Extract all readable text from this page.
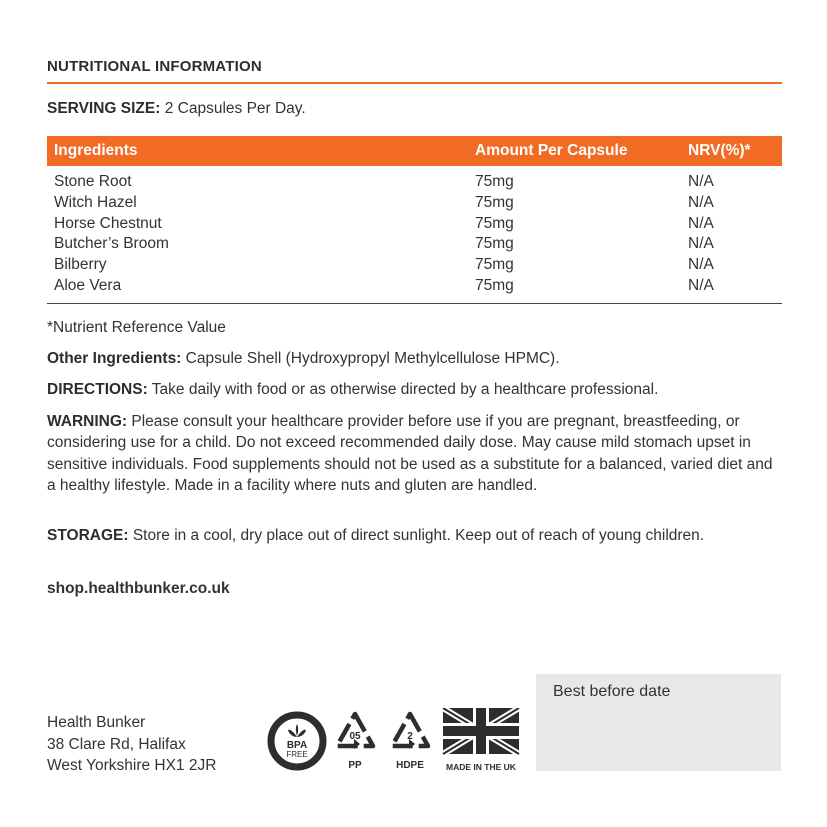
NUTRITIONAL INFORMATION
SERVING SIZE: 2 Capsules Per Day.
Ingredients	Amount Per Capsule	NRV(%)*
Stone Root	75mg	N/A
Witch Hazel	75mg	N/A
Horse Chestnut	75mg	N/A
Butcher’s Broom	75mg	N/A
Bilberry	75mg	N/A
Aloe Vera	75mg	N/A
*Nutrient Reference Value
Other Ingredients: Capsule Shell (Hydroxypropyl Methylcellulose HPMC).
DIRECTIONS: Take daily with food or as otherwise directed by a healthcare professional.
WARNING: Please consult your healthcare provider before use if you are pregnant, breastfeeding, or considering use for a child. Do not exceed recommended daily dose. May cause mild stomach upset in sensitive individuals. Food supplements should not be used as a substitute for a balanced, varied diet and a healthy lifestyle. Made in a facility where nuts and gluten are handled.
STORAGE: Store in a cool, dry place out of direct sunlight. Keep out of reach of young children.
shop.healthbunker.co.uk
Health Bunker
38 Clare Rd, Halifax
West Yorkshire HX1 2JR
BPA
FREE
05
PP
2
HDPE	MADE IN THE UK
Best before date
